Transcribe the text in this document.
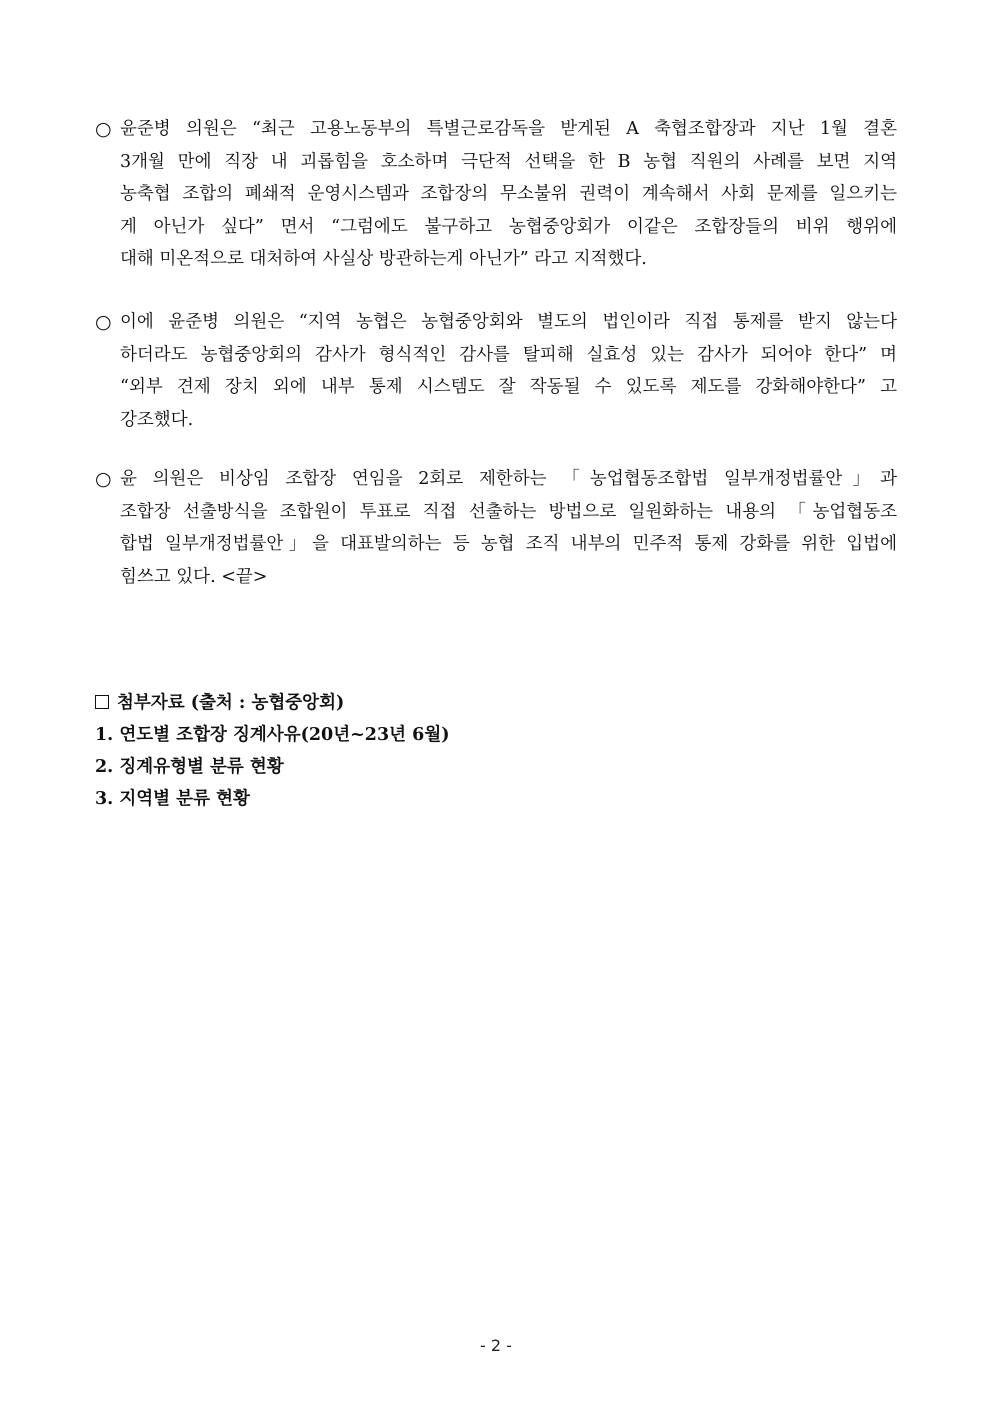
○ 윤준병 의원은 “최근 고용노동부의 특별근로감독을 받게된 A 축협조합장과 지난 1월 결혼
3개월 만에 직장 내 괴롭힘을 호소하며 극단적 선택을 한 B 농협 직원의 사례를 보면 지역
농축협 조합의 폐쇄적 운영시스템과 조합장의 무소불위 권력이 계속해서 사회 문제를 일으키는
게 아닌가 싶다” 면서 “그럼에도 불구하고 농협중앙회가 이같은 조합장들의 비위 행위에
대해 미온적으로 대처하여 사실상 방관하는게 아닌가” 라고 지적했다.
○ 이에 윤준병 의원은 “지역 농협은 농협중앙회와 별도의 법인이라 직접 통제를 받지 않는다
하더라도 농협중앙회의 감사가 형식적인 감사를 탈피해 실효성 있는 감사가 되어야 한다” 며
“외부 견제 장치 외에 내부 통제 시스템도 잘 작동될 수 있도록 제도를 강화해야한다” 고
강조했다.
○ 윤 의원은 비상임 조합장 연임을 2회로 제한하는 「농업협동조합법 일부개정법률안」과
조합장 선출방식을 조합원이 투표로 직접 선출하는 방법으로 일원화하는 내용의 「농업협동조
합법 일부개정법률안」을 대표발의하는 등 농협 조직 내부의 민주적 통제 강화를 위한 입법에
힘쓰고 있다. <끝>
첨부자료 (출처 : 농협중앙회)
1. 연도별 조합장 징계사유(20년~23년 6월)
2. 징계유형별 분류 현황
3. 지역별 분류 현황
- 2 -
